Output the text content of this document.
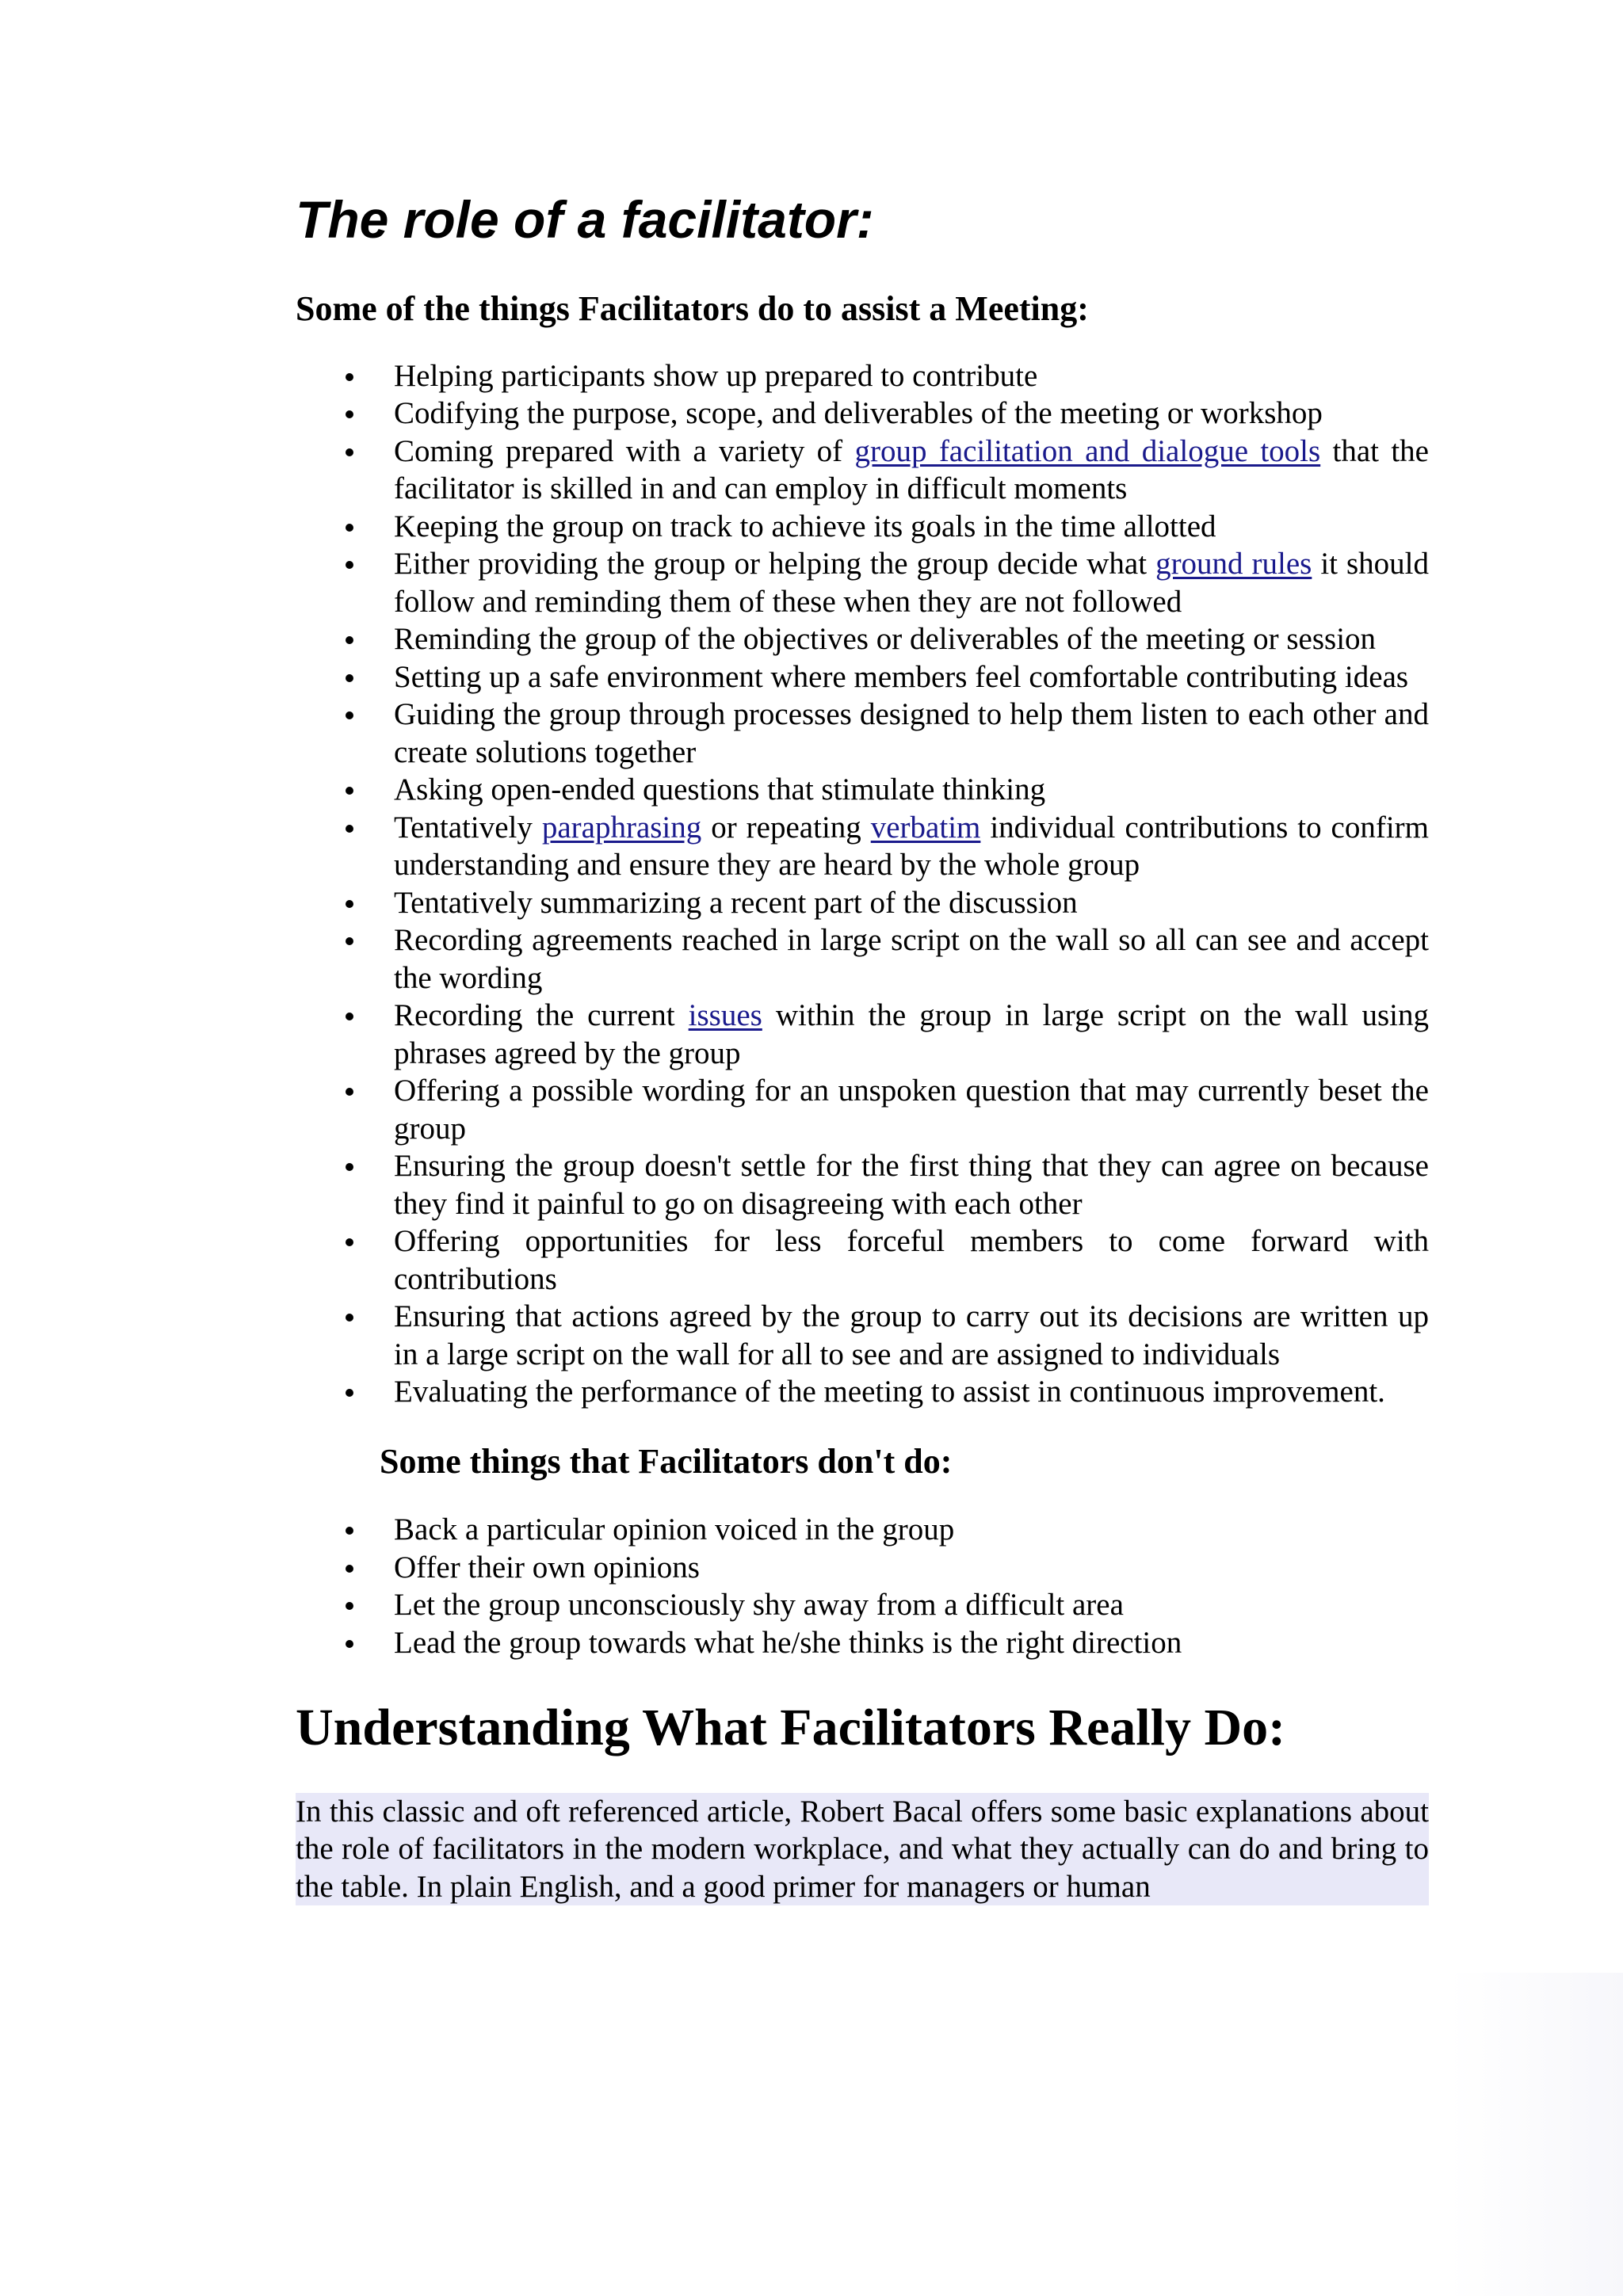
The role of a facilitator:
Some of the things Facilitators do to assist a Meeting:
Helping participants show up prepared to contribute
Codifying the purpose, scope, and deliverables of the meeting or workshop
Coming prepared with a variety of group facilitation and dialogue tools that the facilitator is skilled in and can employ in difficult moments
Keeping the group on track to achieve its goals in the time allotted
Either providing the group or helping the group decide what ground rules it should follow and reminding them of these when they are not followed
Reminding the group of the objectives or deliverables of the meeting or session
Setting up a safe environment where members feel comfortable contributing ideas
Guiding the group through processes designed to help them listen to each other and create solutions together
Asking open-ended questions that stimulate thinking
Tentatively paraphrasing or repeating verbatim individual contributions to confirm understanding and ensure they are heard by the whole group
Tentatively summarizing a recent part of the discussion
Recording agreements reached in large script on the wall so all can see and accept the wording
Recording the current issues within the group in large script on the wall using phrases agreed by the group
Offering a possible wording for an unspoken question that may currently beset the group
Ensuring the group doesn't settle for the first thing that they can agree on because they find it painful to go on disagreeing with each other
Offering opportunities for less forceful members to come forward with contributions
Ensuring that actions agreed by the group to carry out its decisions are written up in a large script on the wall for all to see and are assigned to individuals
Evaluating the performance of the meeting to assist in continuous improvement.
Some things that Facilitators don't do:
Back a particular opinion voiced in the group
Offer their own opinions
Let the group unconsciously shy away from a difficult area
Lead the group towards what he/she thinks is the right direction
Understanding What Facilitators Really Do:

In this classic and oft referenced article, Robert Bacal offers some basic explanations about the role of facilitators in the modern workplace, and what they actually can do and bring to the table. In plain English, and a good primer for managers or human
